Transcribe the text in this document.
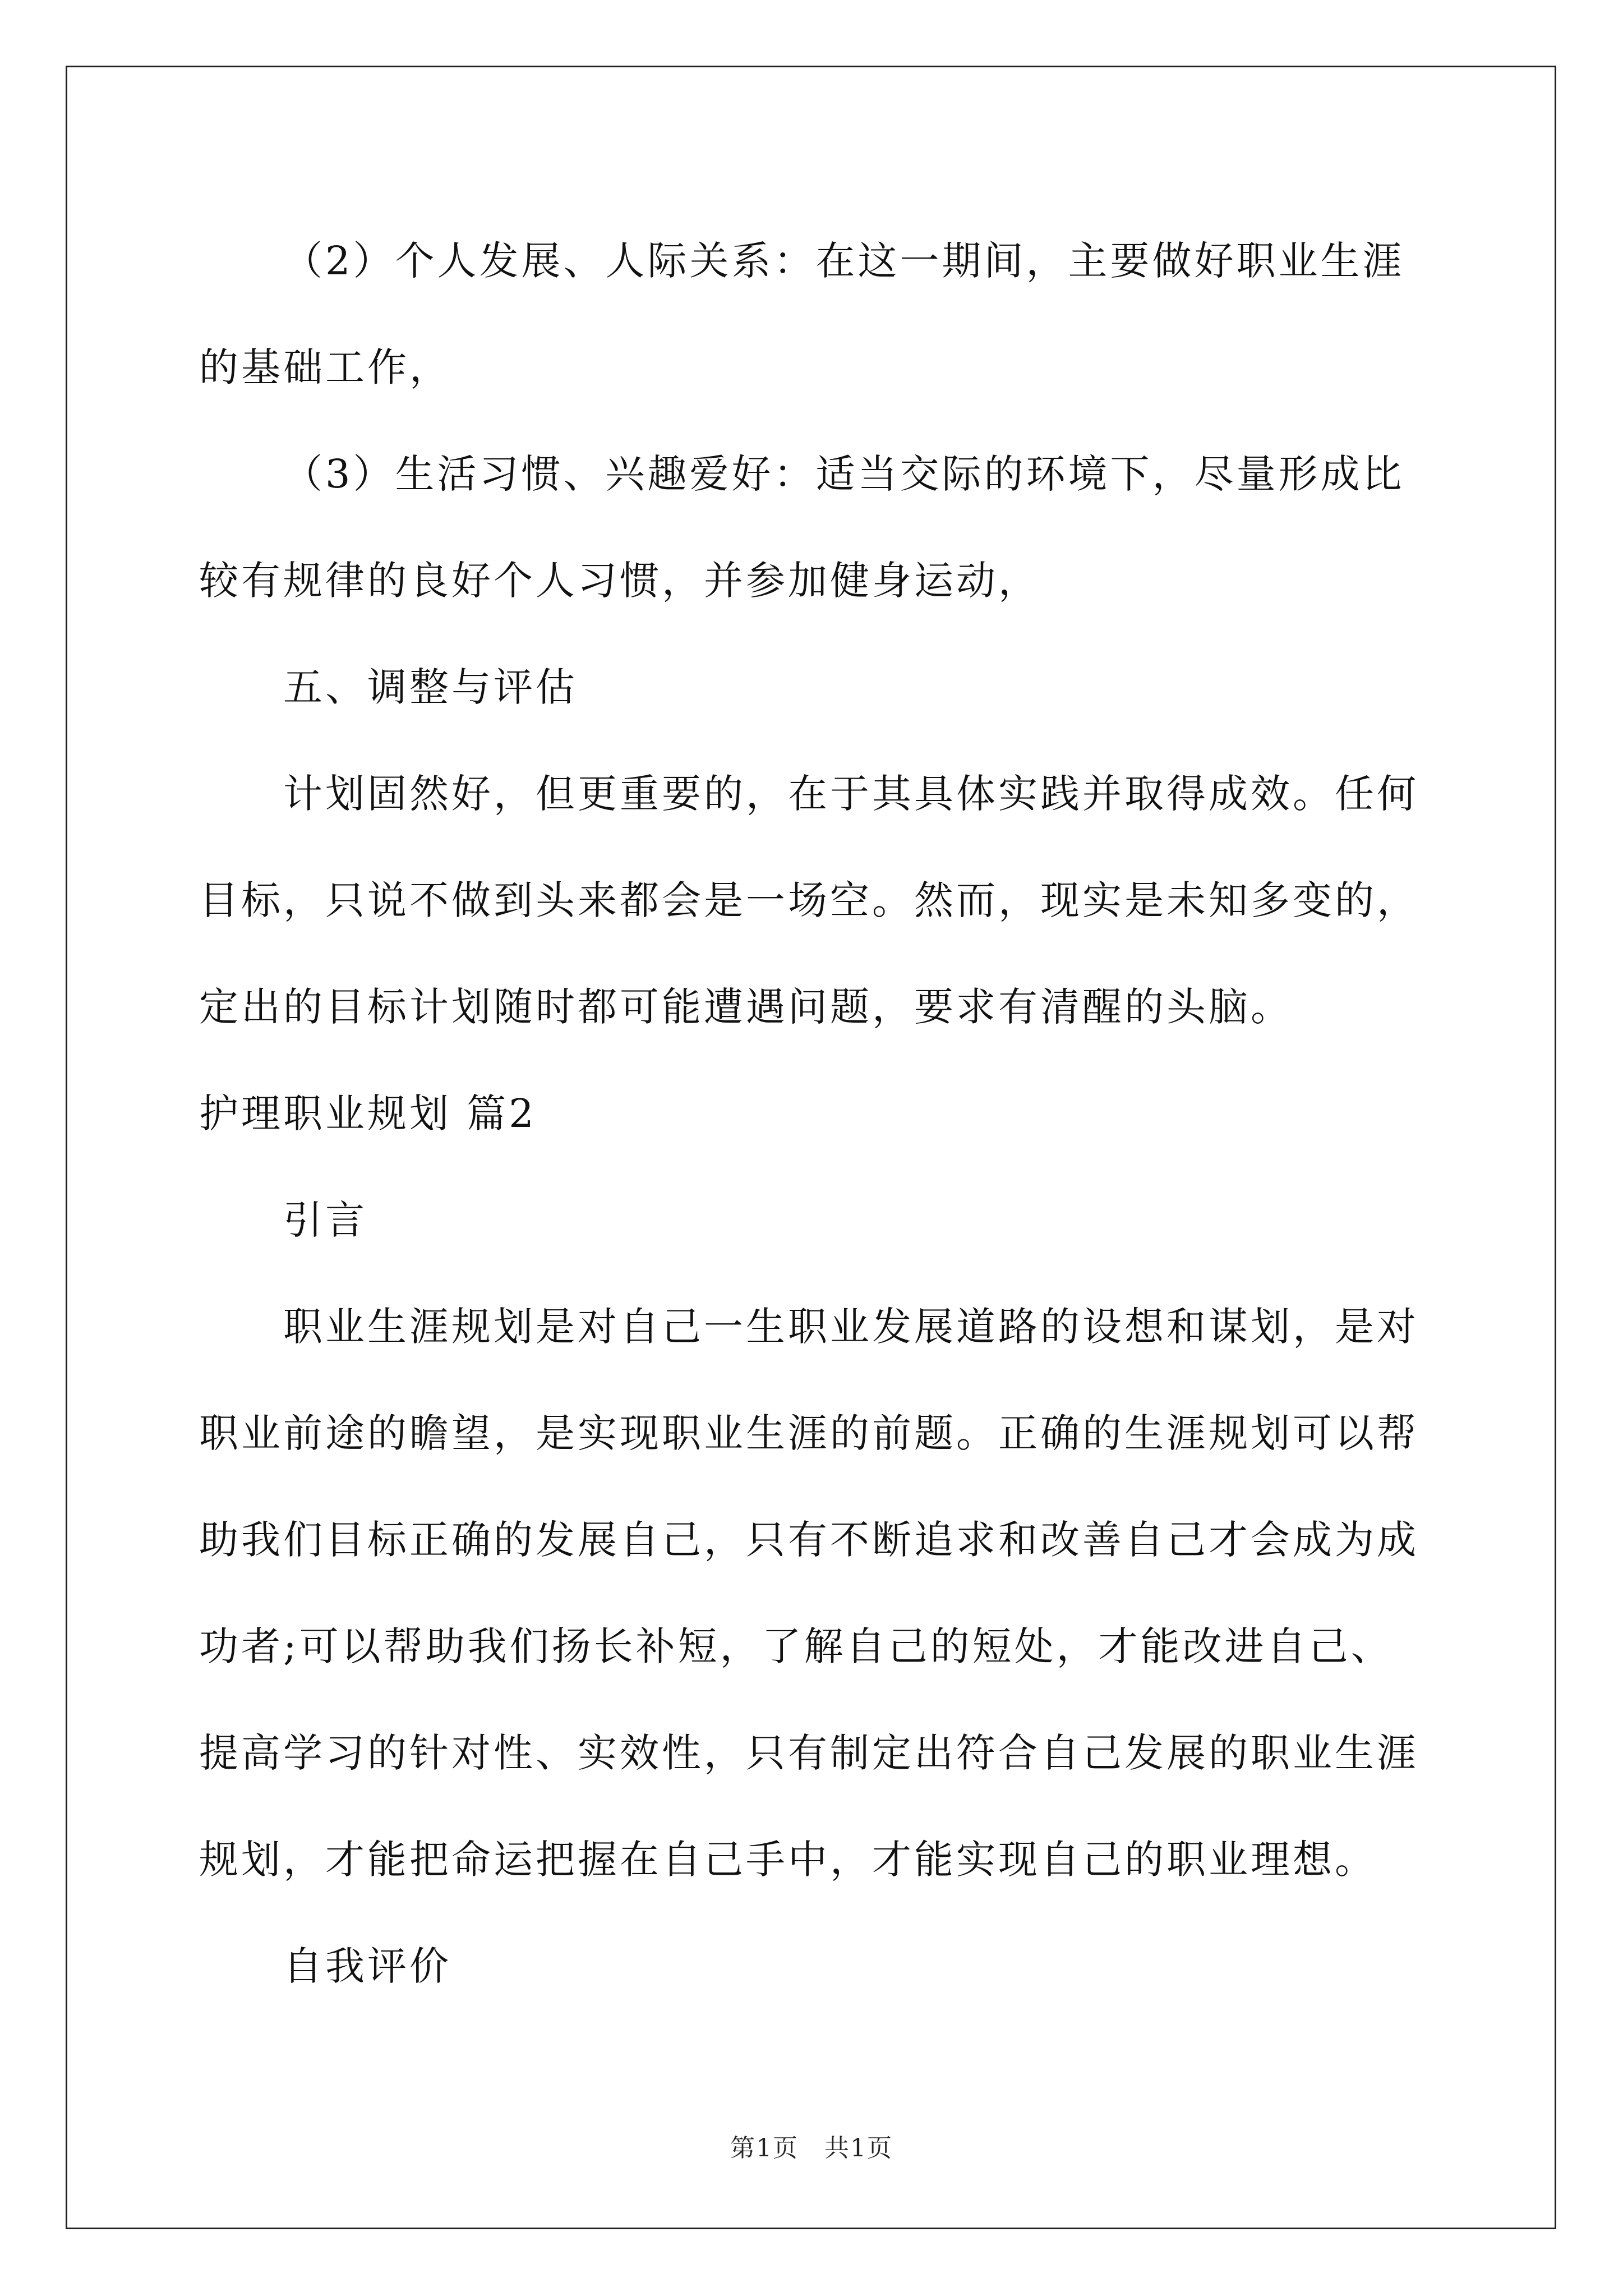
（2）个人发展、人际关系：在这一期间，主要做好职业生涯的基础工作，

（3）生活习惯、兴趣爱好：适当交际的环境下，尽量形成比较有规律的良好个人习惯，并参加健身运动，

五、调整与评估

计划固然好，但更重要的，在于其具体实践并取得成效。任何目标，只说不做到头来都会是一场空。然而，现实是未知多变的，定出的目标计划随时都可能遭遇问题，要求有清醒的头脑。

护理职业规划 篇2

引言

职业生涯规划是对自己一生职业发展道路的设想和谋划，是对职业前途的瞻望，是实现职业生涯的前题。正确的生涯规划可以帮助我们目标正确的发展自己，只有不断追求和改善自己才会成为成功者;可以帮助我们扬长补短，了解自己的短处，才能改进自己、提高学习的针对性、实效性，只有制定出符合自己发展的职业生涯规划，才能把命运把握在自己手中，才能实现自己的职业理想。

自我评价

第1页　共1页
